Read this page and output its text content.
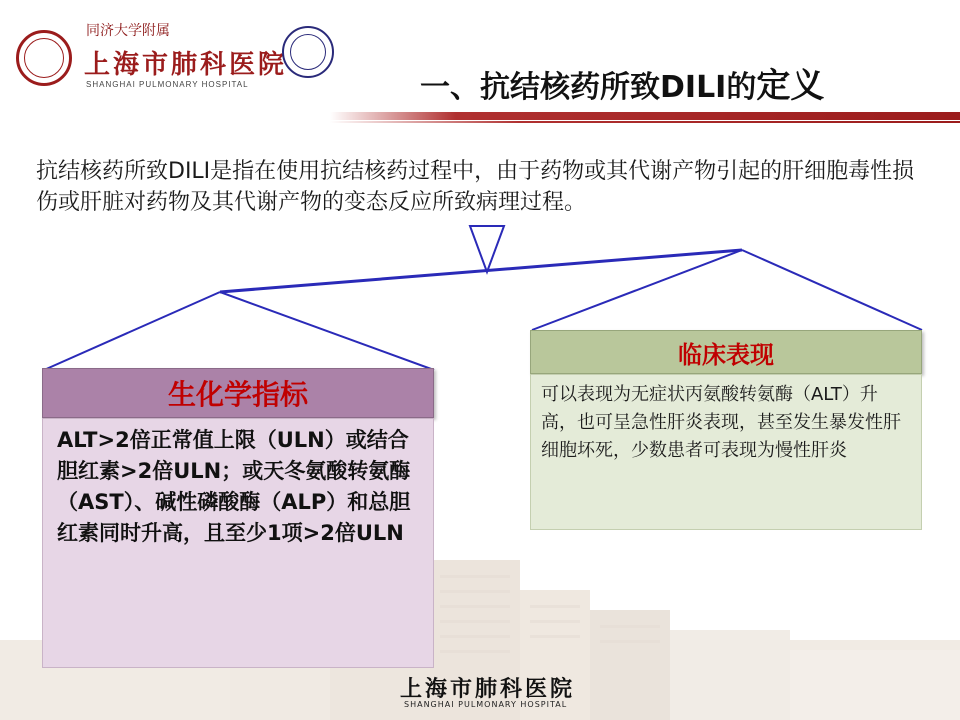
同济大学附属
上海市肺科医院
SHANGHAI PULMONARY HOSPITAL	一、抗结核药所致DILI的定义
抗结核药所致DILI是指在使用抗结核药过程中，由于药物或其代谢产物引起的肝细胞毒性损伤或肝脏对药物及其代谢产物的变态反应所致病理过程。
生化学指标

ALT>2倍正常值上限（ULN）或结合胆红素>2倍ULN；或天冬氨酸转氨酶（AST）、碱性磷酸酶（ALP）和总胆红素同时升高，且至少1项>2倍ULN

临床表现

可以表现为无症状丙氨酸转氨酶（ALT）升高，也可呈急性肝炎表现，甚至发生暴发性肝细胞坏死，少数患者可表现为慢性肝炎

上海市肺科医院
SHANGHAI PULMONARY HOSPITAL
